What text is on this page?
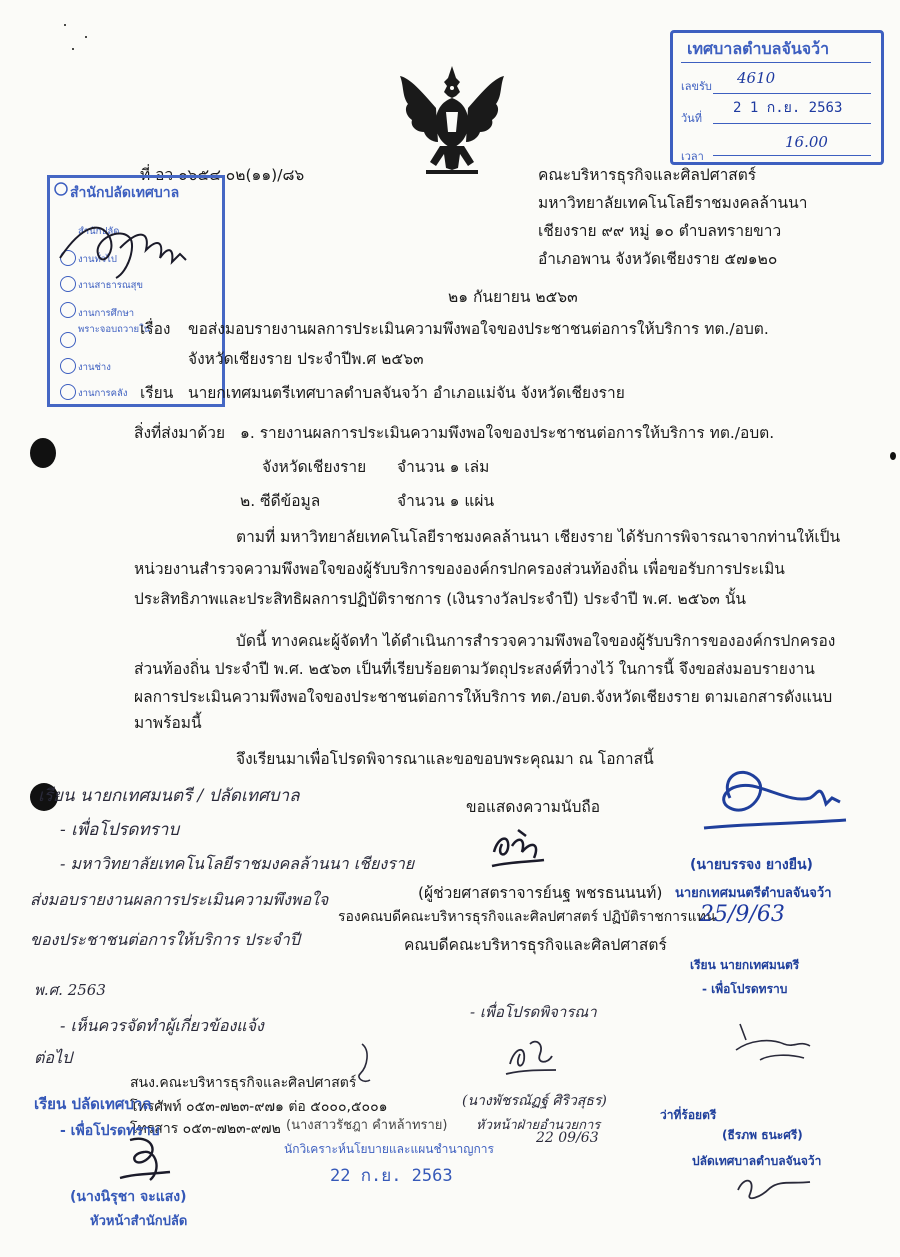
เทศบาลตำบลจันจว้า
เลขรับ 4610
วันที่
2 1 ก.ย. 2563
เวลา
16.00
ที่ อว ๐๖๕๔.๐๒(๑๑)/๘๖
สำนักปลัดเทศบาล
สำนักปลัด
งานทั่วไป
งานสาธารณสุข
งานการศึกษา
พราะจอบถวายใน
งานช่าง
งานการคลัง
คณะบริหารธุรกิจและศิลปศาสตร์
มหาวิทยาลัยเทคโนโลยีราชมงคลล้านนา
เชียงราย ๙๙ หมู่ ๑๐ ตำบลทรายขาว
อำเภอพาน จังหวัดเชียงราย ๕๗๑๒๐
๒๑ กันยายน ๒๕๖๓
เรื่อง ขอส่งมอบรายงานผลการประเมินความพึงพอใจของประชาชนต่อการให้บริการ ทต./อบต.
จังหวัดเชียงราย ประจำปีพ.ศ ๒๕๖๓
เรียน นายกเทศมนตรีเทศบาลตำบลจันจว้า อำเภอแม่จัน จังหวัดเชียงราย
สิ่งที่ส่งมาด้วย ๑. รายงานผลการประเมินความพึงพอใจของประชาชนต่อการให้บริการ ทต./อบต.
จังหวัดเชียงราย จำนวน ๑ เล่ม
๒. ซีดีข้อมูล	จำนวน ๑ แผ่น
ตามที่ มหาวิทยาลัยเทคโนโลยีราชมงคลล้านนา เชียงราย ได้รับการพิจารณาจากท่านให้เป็น
หน่วยงานสำรวจความพึงพอใจของผู้รับบริการขององค์กรปกครองส่วนท้องถิ่น เพื่อขอรับการประเมิน
ประสิทธิภาพและประสิทธิผลการปฏิบัติราชการ (เงินรางวัลประจำปี) ประจำปี พ.ศ. ๒๕๖๓ นั้น
บัดนี้ ทางคณะผู้จัดทำ ได้ดำเนินการสำรวจความพึงพอใจของผู้รับบริการขององค์กรปกครอง
ส่วนท้องถิ่น ประจำปี พ.ศ. ๒๕๖๓ เป็นที่เรียบร้อยตามวัตถุประสงค์ที่วางไว้ ในการนี้ จึงขอส่งมอบรายงาน
ผลการประเมินความพึงพอใจของประชาชนต่อการให้บริการ ทต./อบต.จังหวัดเชียงราย ตามเอกสารดังแนบ
มาพร้อมนี้
จึงเรียนมาเพื่อโปรดพิจารณาและขอขอบพระคุณมา ณ โอกาสนี้
เรียน นายกเทศมนตรี / ปลัดเทศบาล
- เพื่อโปรดทราบ
- มหาวิทยาลัยเทคโนโลยีราชมงคลล้านนา เชียงราย
ส่งมอบรายงานผลการประเมินความพึงพอใจ
ของประชาชนต่อการให้บริการ ประจำปี
พ.ศ. 2563
- เห็นควรจัดทำผู้เกี่ยวข้องแจ้ง
ต่อไป
ขอแสดงความนับถือ
(ผู้ช่วยศาสตราจารย์นฐ พชรธนนนท์)
รองคณบดีคณะบริหารธุรกิจและศิลปศาสตร์ ปฏิบัติราชการแทน
คณบดีคณะบริหารธุรกิจและศิลปศาสตร์
(นายบรรจง ยางยืน)
นายกเทศมนตรีตำบลจันจว้า
25/9/63
เรียน นายกเทศมนตรี
- เพื่อโปรดทราบ
ว่าที่ร้อยตรี
(ธีรภพ ธนะศรี)
ปลัดเทศบาลตำบลจันจว้า
- เพื่อโปรดพิจารณา
(นางพัชรณัฏฐ์ ศิริวสุธร)
หัวหน้าฝ่ายอำนวยการ
22 09/63
(นางสาวรัชฎา คำหล้าทราย)
นักวิเคราะห์นโยบายและแผนชำนาญการ
สนง.คณะบริหารธุรกิจและศิลปศาสตร์
โทรศัพท์ ๐๕๓-๗๒๓-๙๗๑ ต่อ ๕๐๐๐,๕๐๐๑
โทรสาร ๐๕๓-๗๒๓-๙๗๒
22 ก.ย. 2563
เรียน ปลัดเทศบาล
- เพื่อโปรดทราบ
(นางนิรุชา จะแสง)
หัวหน้าสำนักปลัด
